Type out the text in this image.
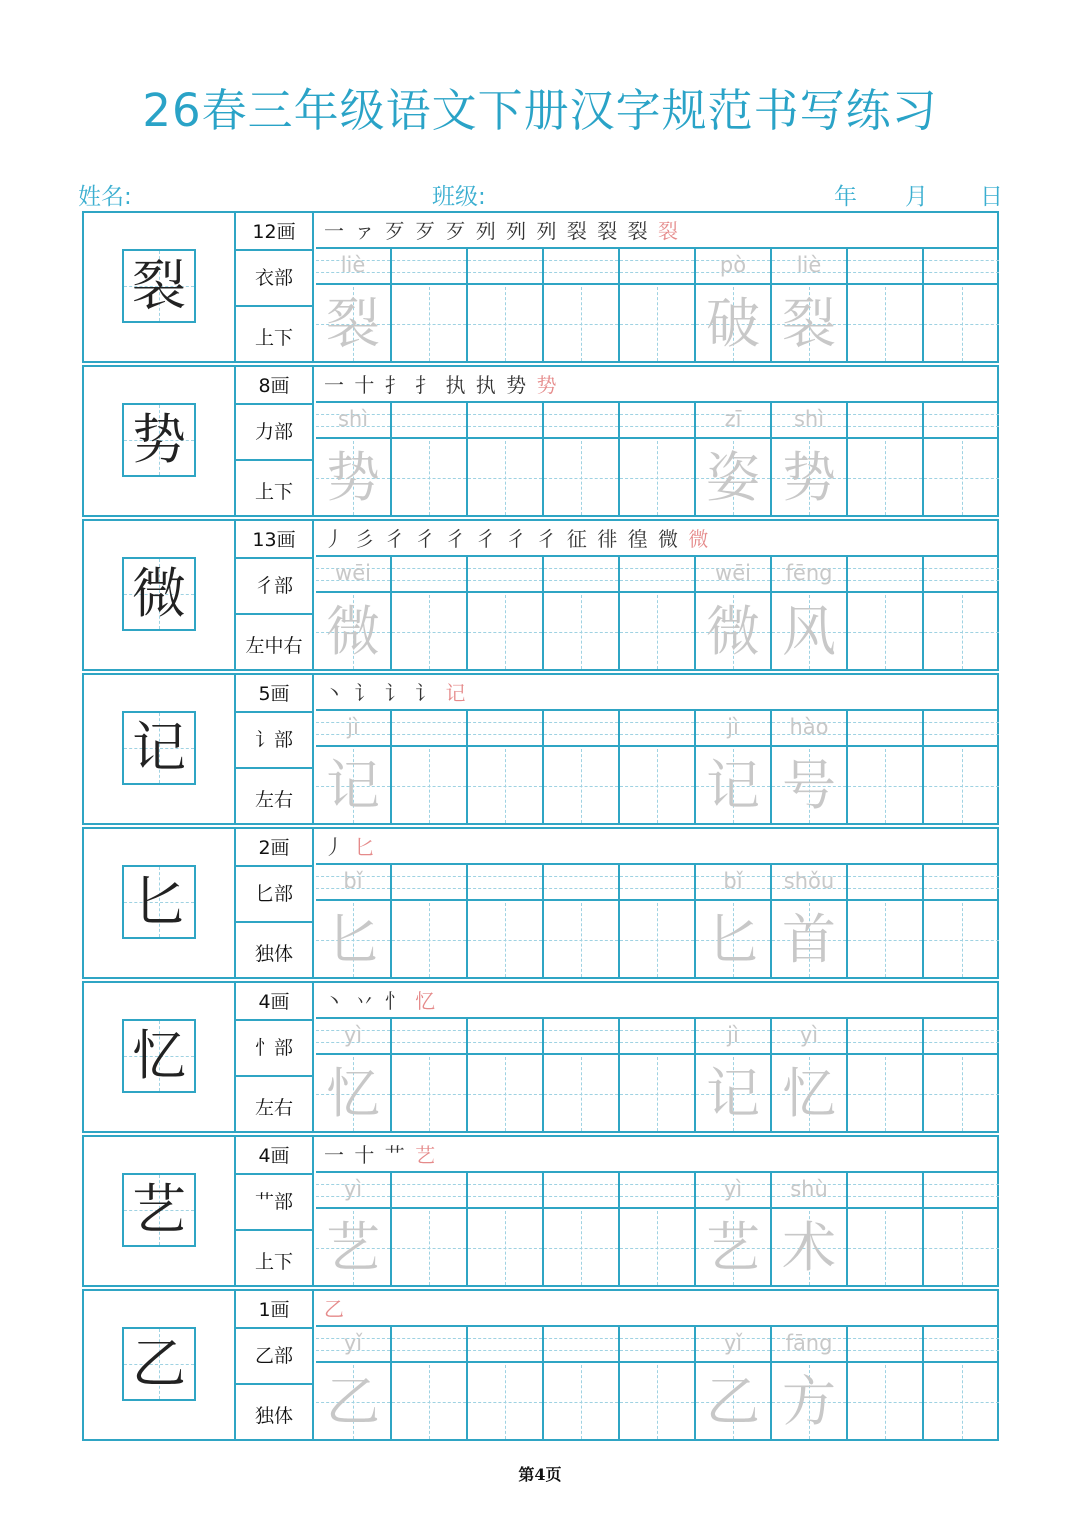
26春三年级语文下册汉字规范书写练习
姓名:	班级:	年 月 日
裂
12画
衣部
上下
一 ァ 歹 歹 歹 列 列 列 裂 裂 裂 裂
liè
裂
pò
破
liè
裂
势
8画
力部
上下
一 十 扌 扌 执 执 势 势
shì
势
zī
姿
shì
势
微
13画
彳部
左中右
丿 彡 彳 彳 彳 彳 彳 彳 征 徘 徨 微 微
wēi
微
wēi
微
fēng
风
记
5画
讠部
左右
丶 讠 讠 讠 记
jì
记
jì
记
hào
号
匕
2画
匕部
独体
丿 匕
bǐ
匕
bǐ
匕
shǒu
首
忆
4画
忄部
左右
丶 丷 忄 忆
yì
忆
jì
记
yì
忆
艺
4画
艹部
上下
一 十 艹 艺
yì
艺
yì
艺
shù
术
乙
1画
乙部
独体
乙
yǐ
乙
yǐ
乙
fāng
方
第4页
